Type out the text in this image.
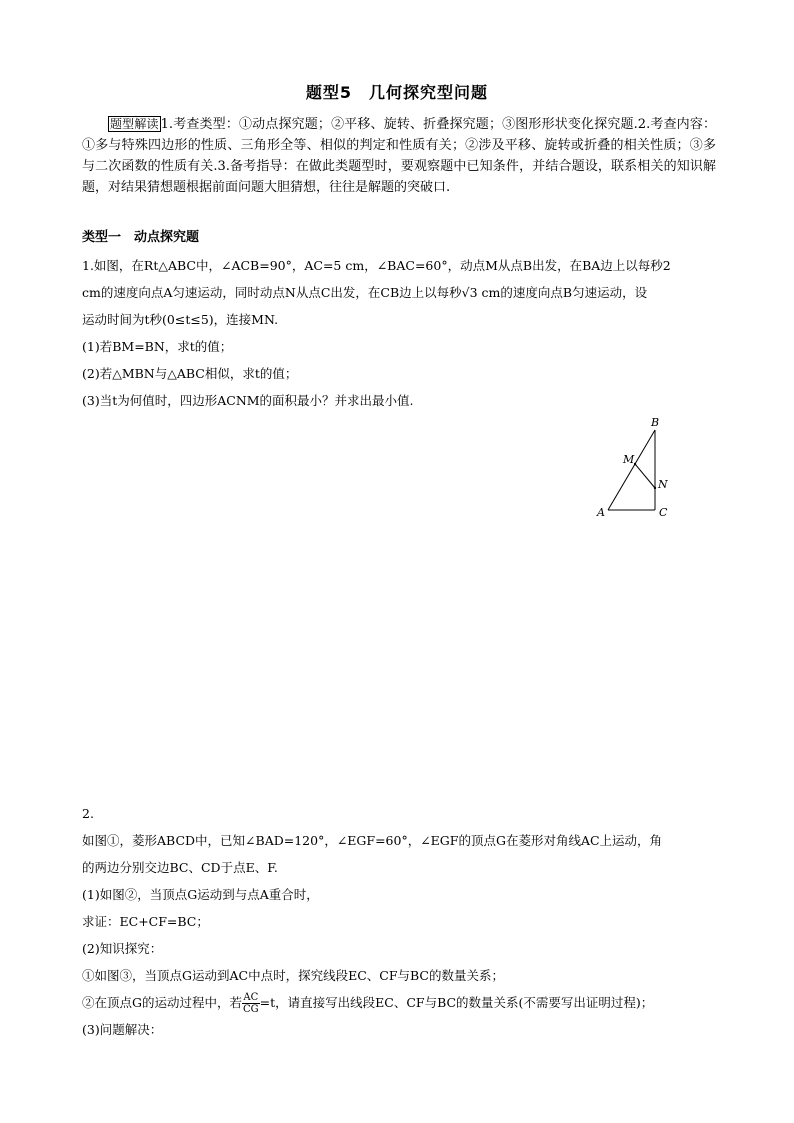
题型5　几何探究型问题
题型解读 1.考查类型：①动点探究题；②平移、旋转、折叠探究题；③图形形状变化探究题.2.考查内容：①多与特殊四边形的性质、三角形全等、相似的判定和性质有关；②涉及平移、旋转或折叠的相关性质；③多与二次函数的性质有关.3.备考指导：在做此类题型时，要观察题中已知条件，并结合题设，联系相关的知识解题，对结果猜想题根据前面问题大胆猜想，往往是解题的突破口.
类型一　动点探究题
1.如图，在Rt△ABC中，∠ACB=90°，AC=5 cm，∠BAC=60°，动点M从点B出发，在BA边上以每秒2
cm的速度向点A匀速运动，同时动点N从点C出发，在CB边上以每秒√3 cm的速度向点B匀速运动，设
运动时间为t秒(0≤t≤5)，连接MN.
(1)若BM=BN，求t的值；
(2)若△MBN与△ABC相似，求t的值；
(3)当t为何值时，四边形ACNM的面积最小？并求出最小值.
A
B
C
M
N
2.
如图①，菱形ABCD中，已知∠BAD=120°，∠EGF=60°，∠EGF的顶点G在菱形对角线AC上运动，角
的两边分别交边BC、CD于点E、F.
(1)如图②，当顶点G运动到与点A重合时，
求证：EC+CF=BC；
(2)知识探究：
①如图③，当顶点G运动到AC中点时，探究线段EC、CF与BC的数量关系；
②在顶点G的运动过程中，若 $\frac{AC}{CG} =t$，请直接写出线段EC、CF与BC的数量关系(不需要写出证明过程)；
(3)问题解决：
